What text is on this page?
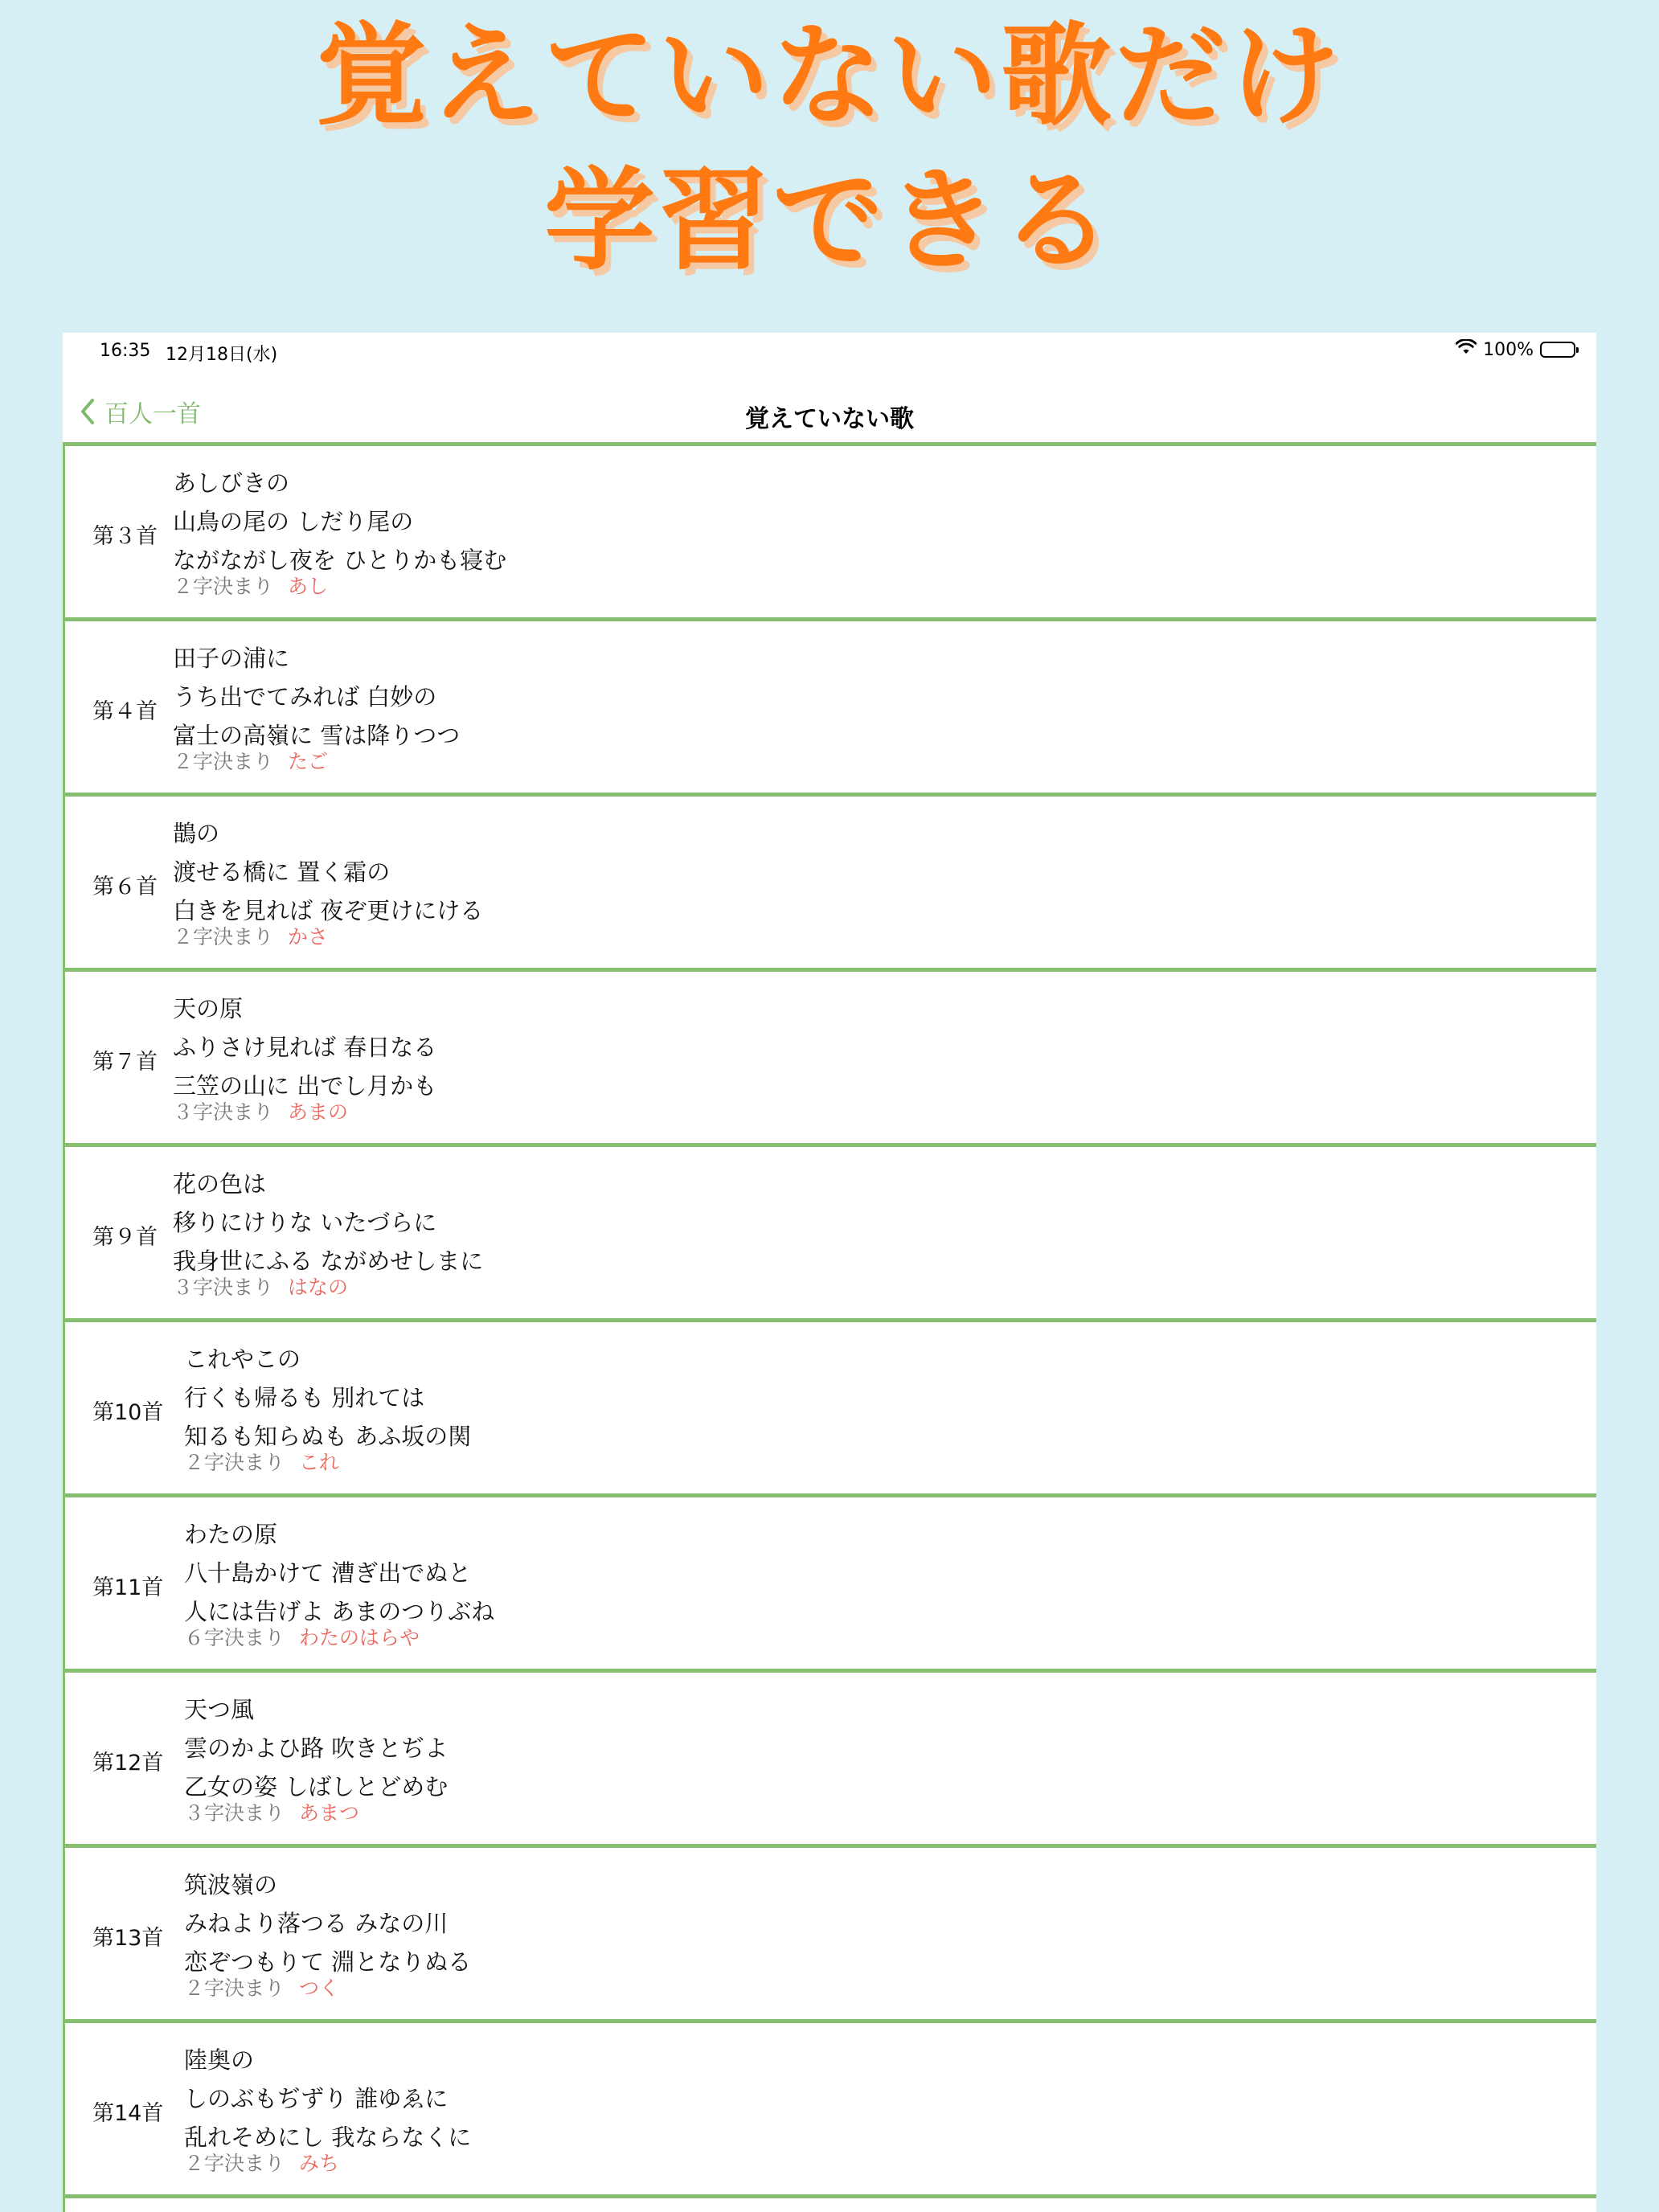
覚えていない歌だけ
学習できる
16:35 12月18日(水)	100%
百人一首	覚えていない歌
第３首
あしびきの
山鳥の尾の しだり尾の
ながながし夜を ひとりかも寝む
２字決まり あし
第４首
田子の浦に
うち出でてみれば 白妙の
富士の高嶺に 雪は降りつつ
２字決まり たご
第６首
鵲の
渡せる橋に 置く霜の
白きを見れば 夜ぞ更けにける
２字決まり かさ
第７首
天の原
ふりさけ見れば 春日なる
三笠の山に 出でし月かも
３字決まり あまの
第９首
花の色は
移りにけりな いたづらに
我身世にふる ながめせしまに
３字決まり はなの
第10首
これやこの
行くも帰るも 別れては
知るも知らぬも あふ坂の関
２字決まり これ
第11首
わたの原
八十島かけて 漕ぎ出でぬと
人には告げよ あまのつりぶね
６字決まり わたのはらや
第12首
天つ風
雲のかよひ路 吹きとぢよ
乙女の姿 しばしとどめむ
３字決まり あまつ
第13首
筑波嶺の
みねより落つる みなの川
恋ぞつもりて 淵となりぬる
２字決まり つく
第14首
陸奥の
しのぶもぢずり 誰ゆゑに
乱れそめにし 我ならなくに
２字決まり みち
